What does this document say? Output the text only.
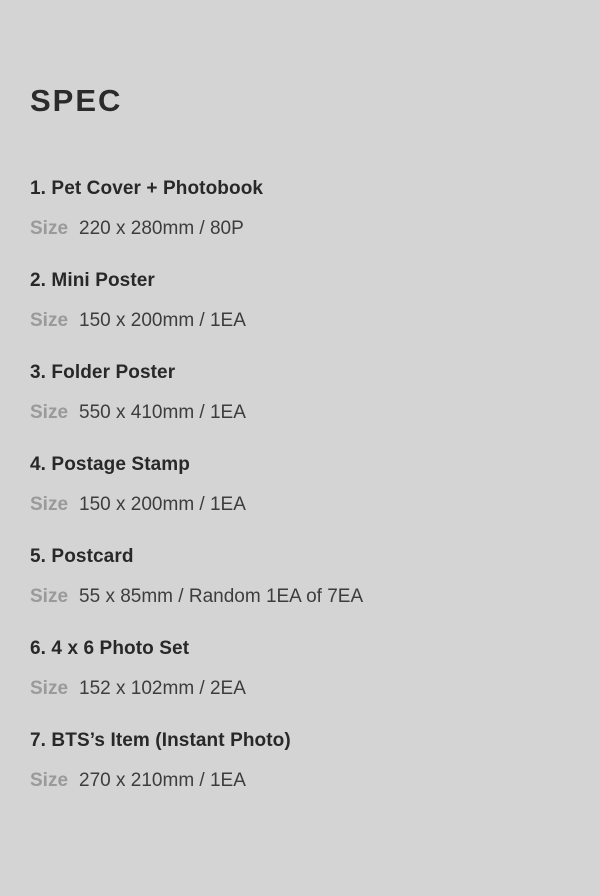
SPEC
1. Pet Cover + Photobook
Size 220 x 280mm / 80P
2. Mini Poster
Size 150 x 200mm / 1EA
3. Folder Poster
Size 550 x 410mm / 1EA
4. Postage Stamp
Size 150 x 200mm / 1EA
5. Postcard
Size 55 x 85mm / Random 1EA of 7EA
6. 4 x 6 Photo Set
Size 152 x 102mm / 2EA
7. BTS’s Item (Instant Photo)
Size 270 x 210mm / 1EA
